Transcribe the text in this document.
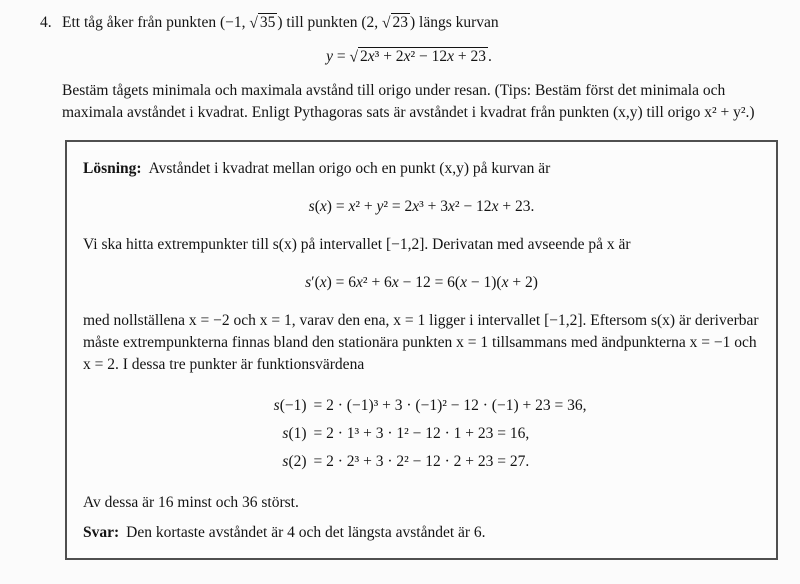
4. Ett tåg åker från punkten (−1, √ 35 ) till punkten (2, √ 23 ) längs kurvan
y = √ 2x³ + 2x² − 12x + 23 .

Bestäm tågets minimala och maximala avstånd till origo under resan. (Tips: Bestäm först det minimala och maximala avståndet i kvadrat. Enligt Pythagoras sats är avståndet i kvadrat från punkten (x,y) till origo x² + y².)

Lösning: Avståndet i kvadrat mellan origo och en punkt (x,y) på kurvan är

s(x) = x² + y² = 2x³ + 3x² − 12x + 23.

Vi ska hitta extrempunkter till s(x) på intervallet [−1,2]. Derivatan med avseende på x är

s′(x) = 6x² + 6x − 12 = 6(x − 1)(x + 2)

med nollställena x = −2 och x = 1, varav den ena, x = 1 ligger i intervallet [−1,2]. Eftersom s(x) är deriverbar måste extrempunkterna finnas bland den stationära punkten x = 1 tillsammans med ändpunkterna x = −1 och x = 2. I dessa tre punkter är funktionsvärdena

s(−1) = 2 · (−1)³ + 3 · (−1)² − 12 · (−1) + 23 = 36,
s(1) = 2 · 1³ + 3 · 1² − 12 · 1 + 23 = 16,
s(2) = 2 · 2³ + 3 · 2² − 12 · 2 + 23 = 27.

Av dessa är 16 minst och 36 störst.

Svar: Den kortaste avståndet är 4 och det längsta avståndet är 6.
